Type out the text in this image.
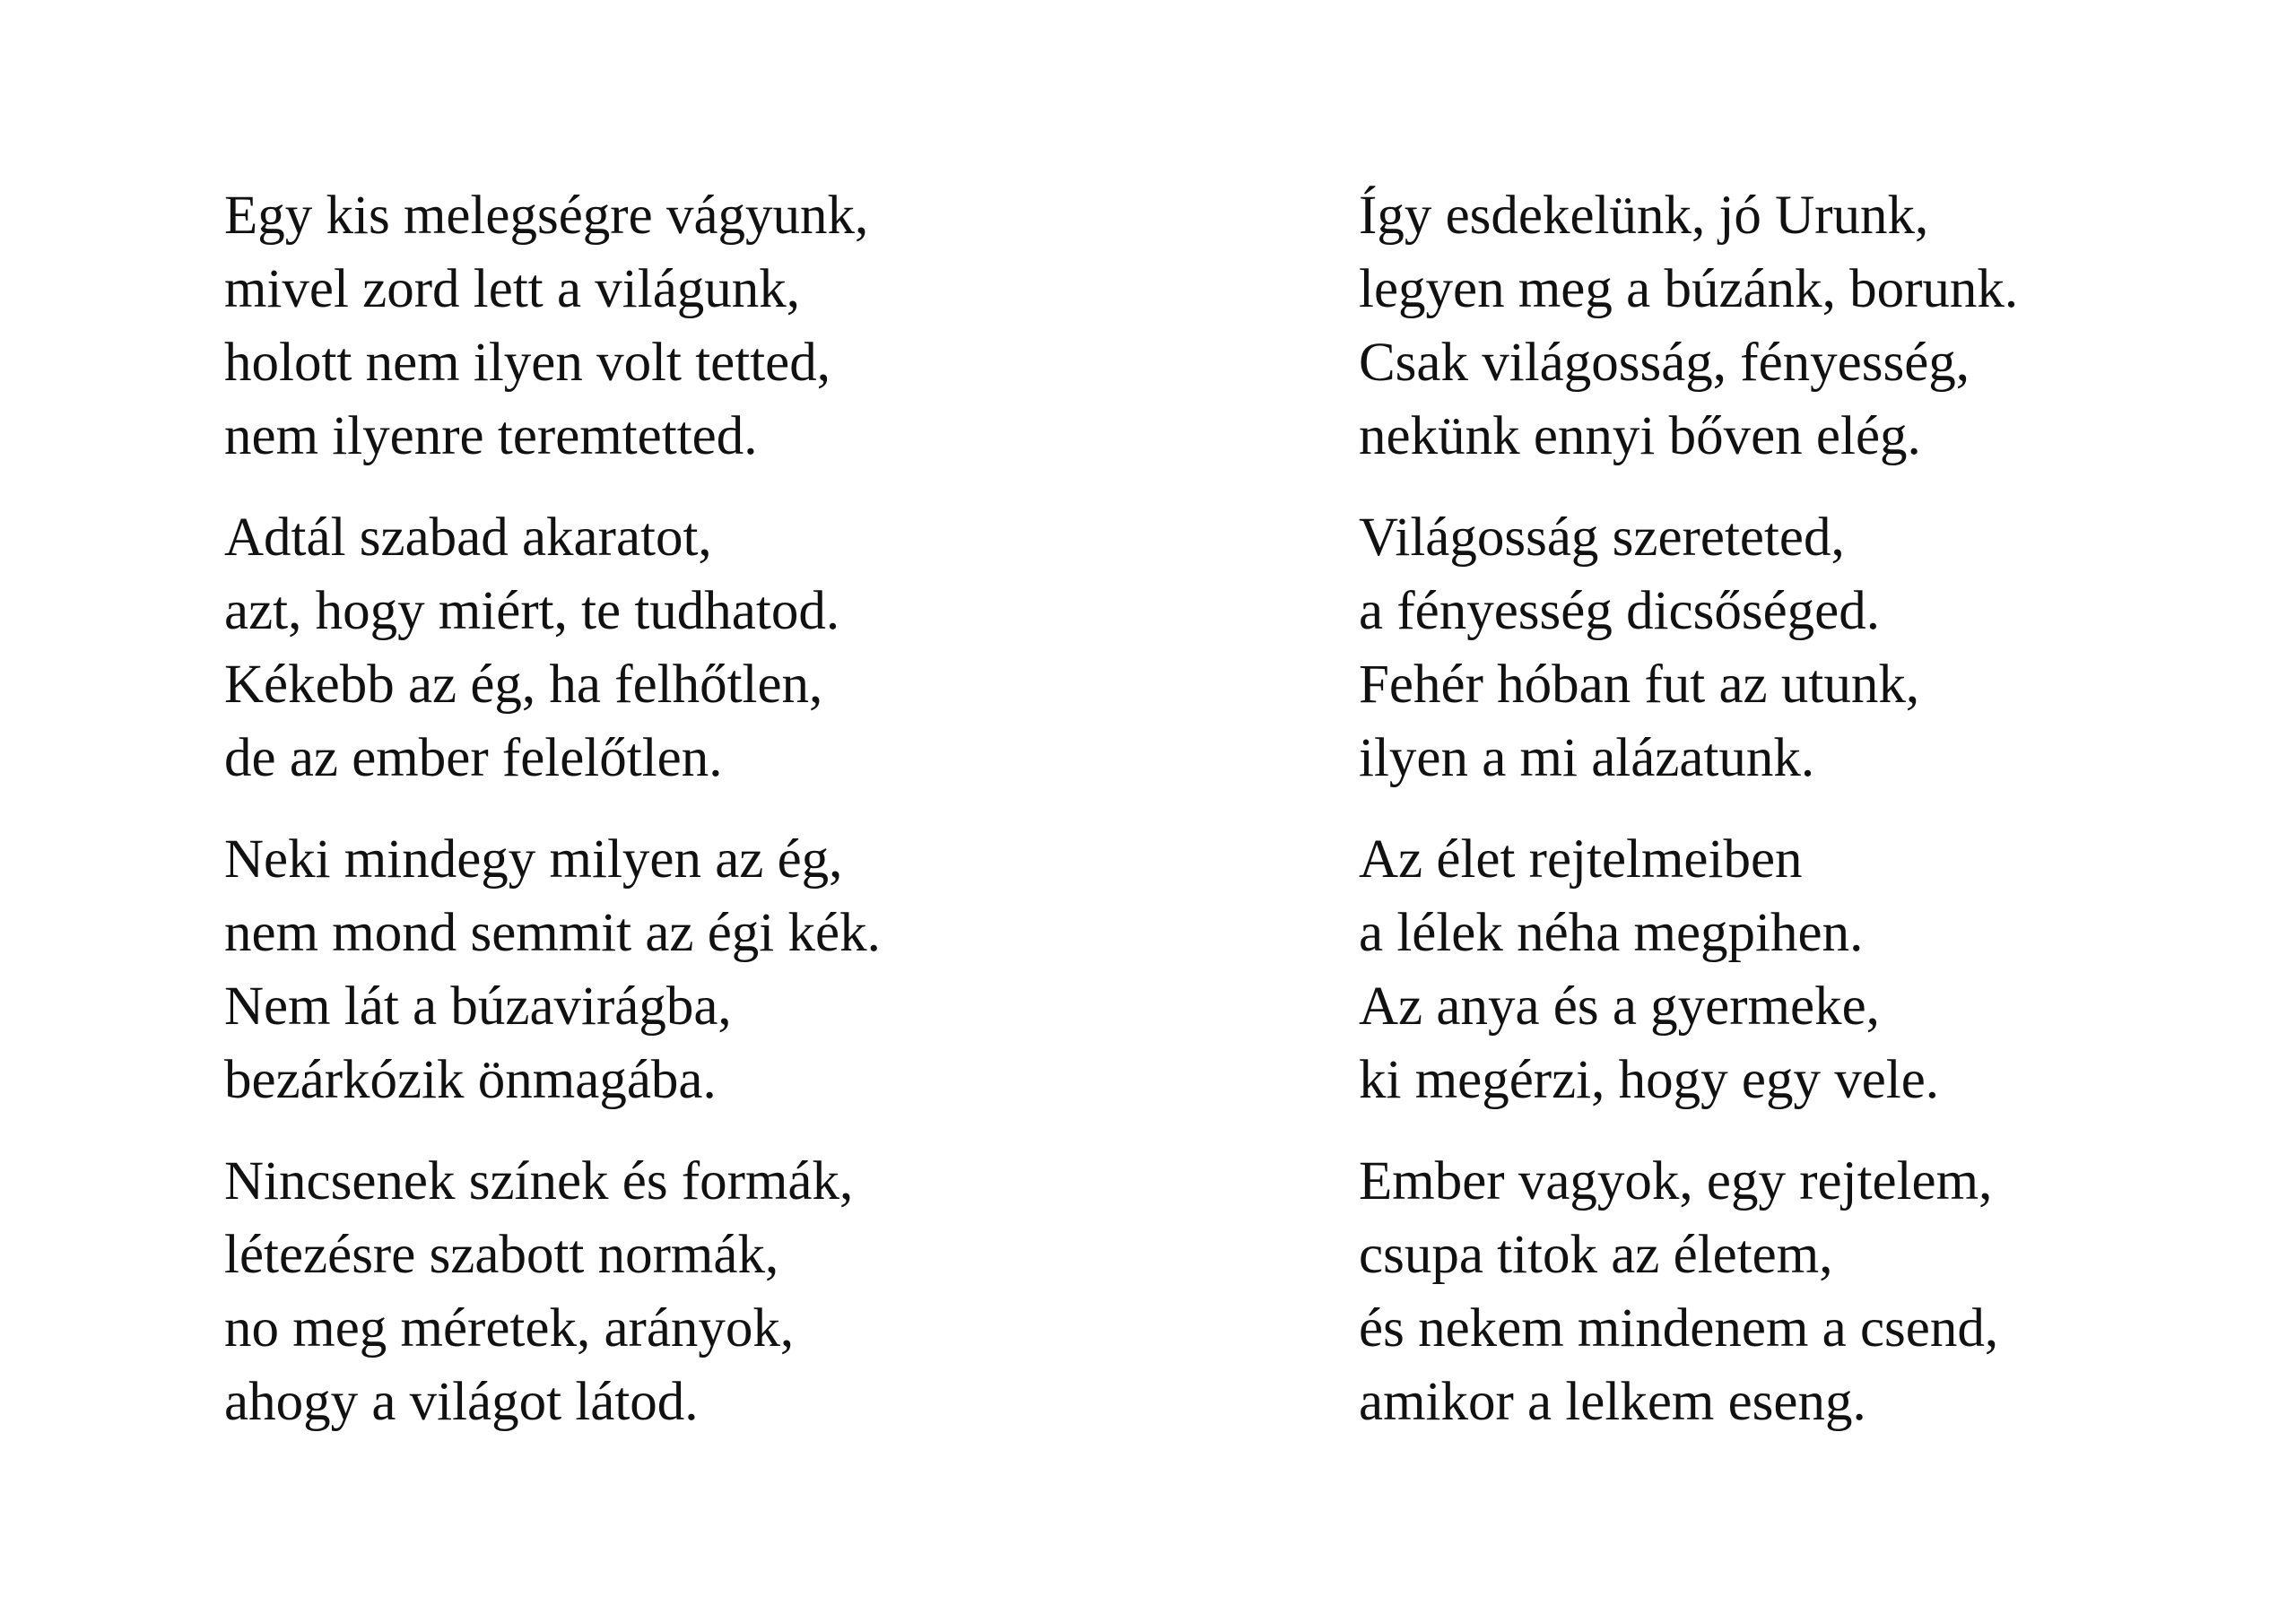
Egy kis melegségre vágyunk,
mivel zord lett a világunk,
holott nem ilyen volt tetted,
nem ilyenre teremtetted.
Adtál szabad akaratot,
azt, hogy miért, te tudhatod.
Kékebb az ég, ha felhőtlen,
de az ember felelőtlen.
Neki mindegy milyen az ég,
nem mond semmit az égi kék.
Nem lát a búzavirágba,
bezárkózik önmagába.
Nincsenek színek és formák,
létezésre szabott normák,
no meg méretek, arányok,
ahogy a világot látod.
Így esdekelünk, jó Urunk,
legyen meg a búzánk, borunk.
Csak világosság, fényesség,
nekünk ennyi bőven elég.
Világosság szereteted,
a fényesség dicsőséged.
Fehér hóban fut az utunk,
ilyen a mi alázatunk.
Az élet rejtelmeiben
a lélek néha megpihen.
Az anya és a gyermeke,
ki megérzi, hogy egy vele.
Ember vagyok, egy rejtelem,
csupa titok az életem,
és nekem mindenem a csend,
amikor a lelkem eseng.
